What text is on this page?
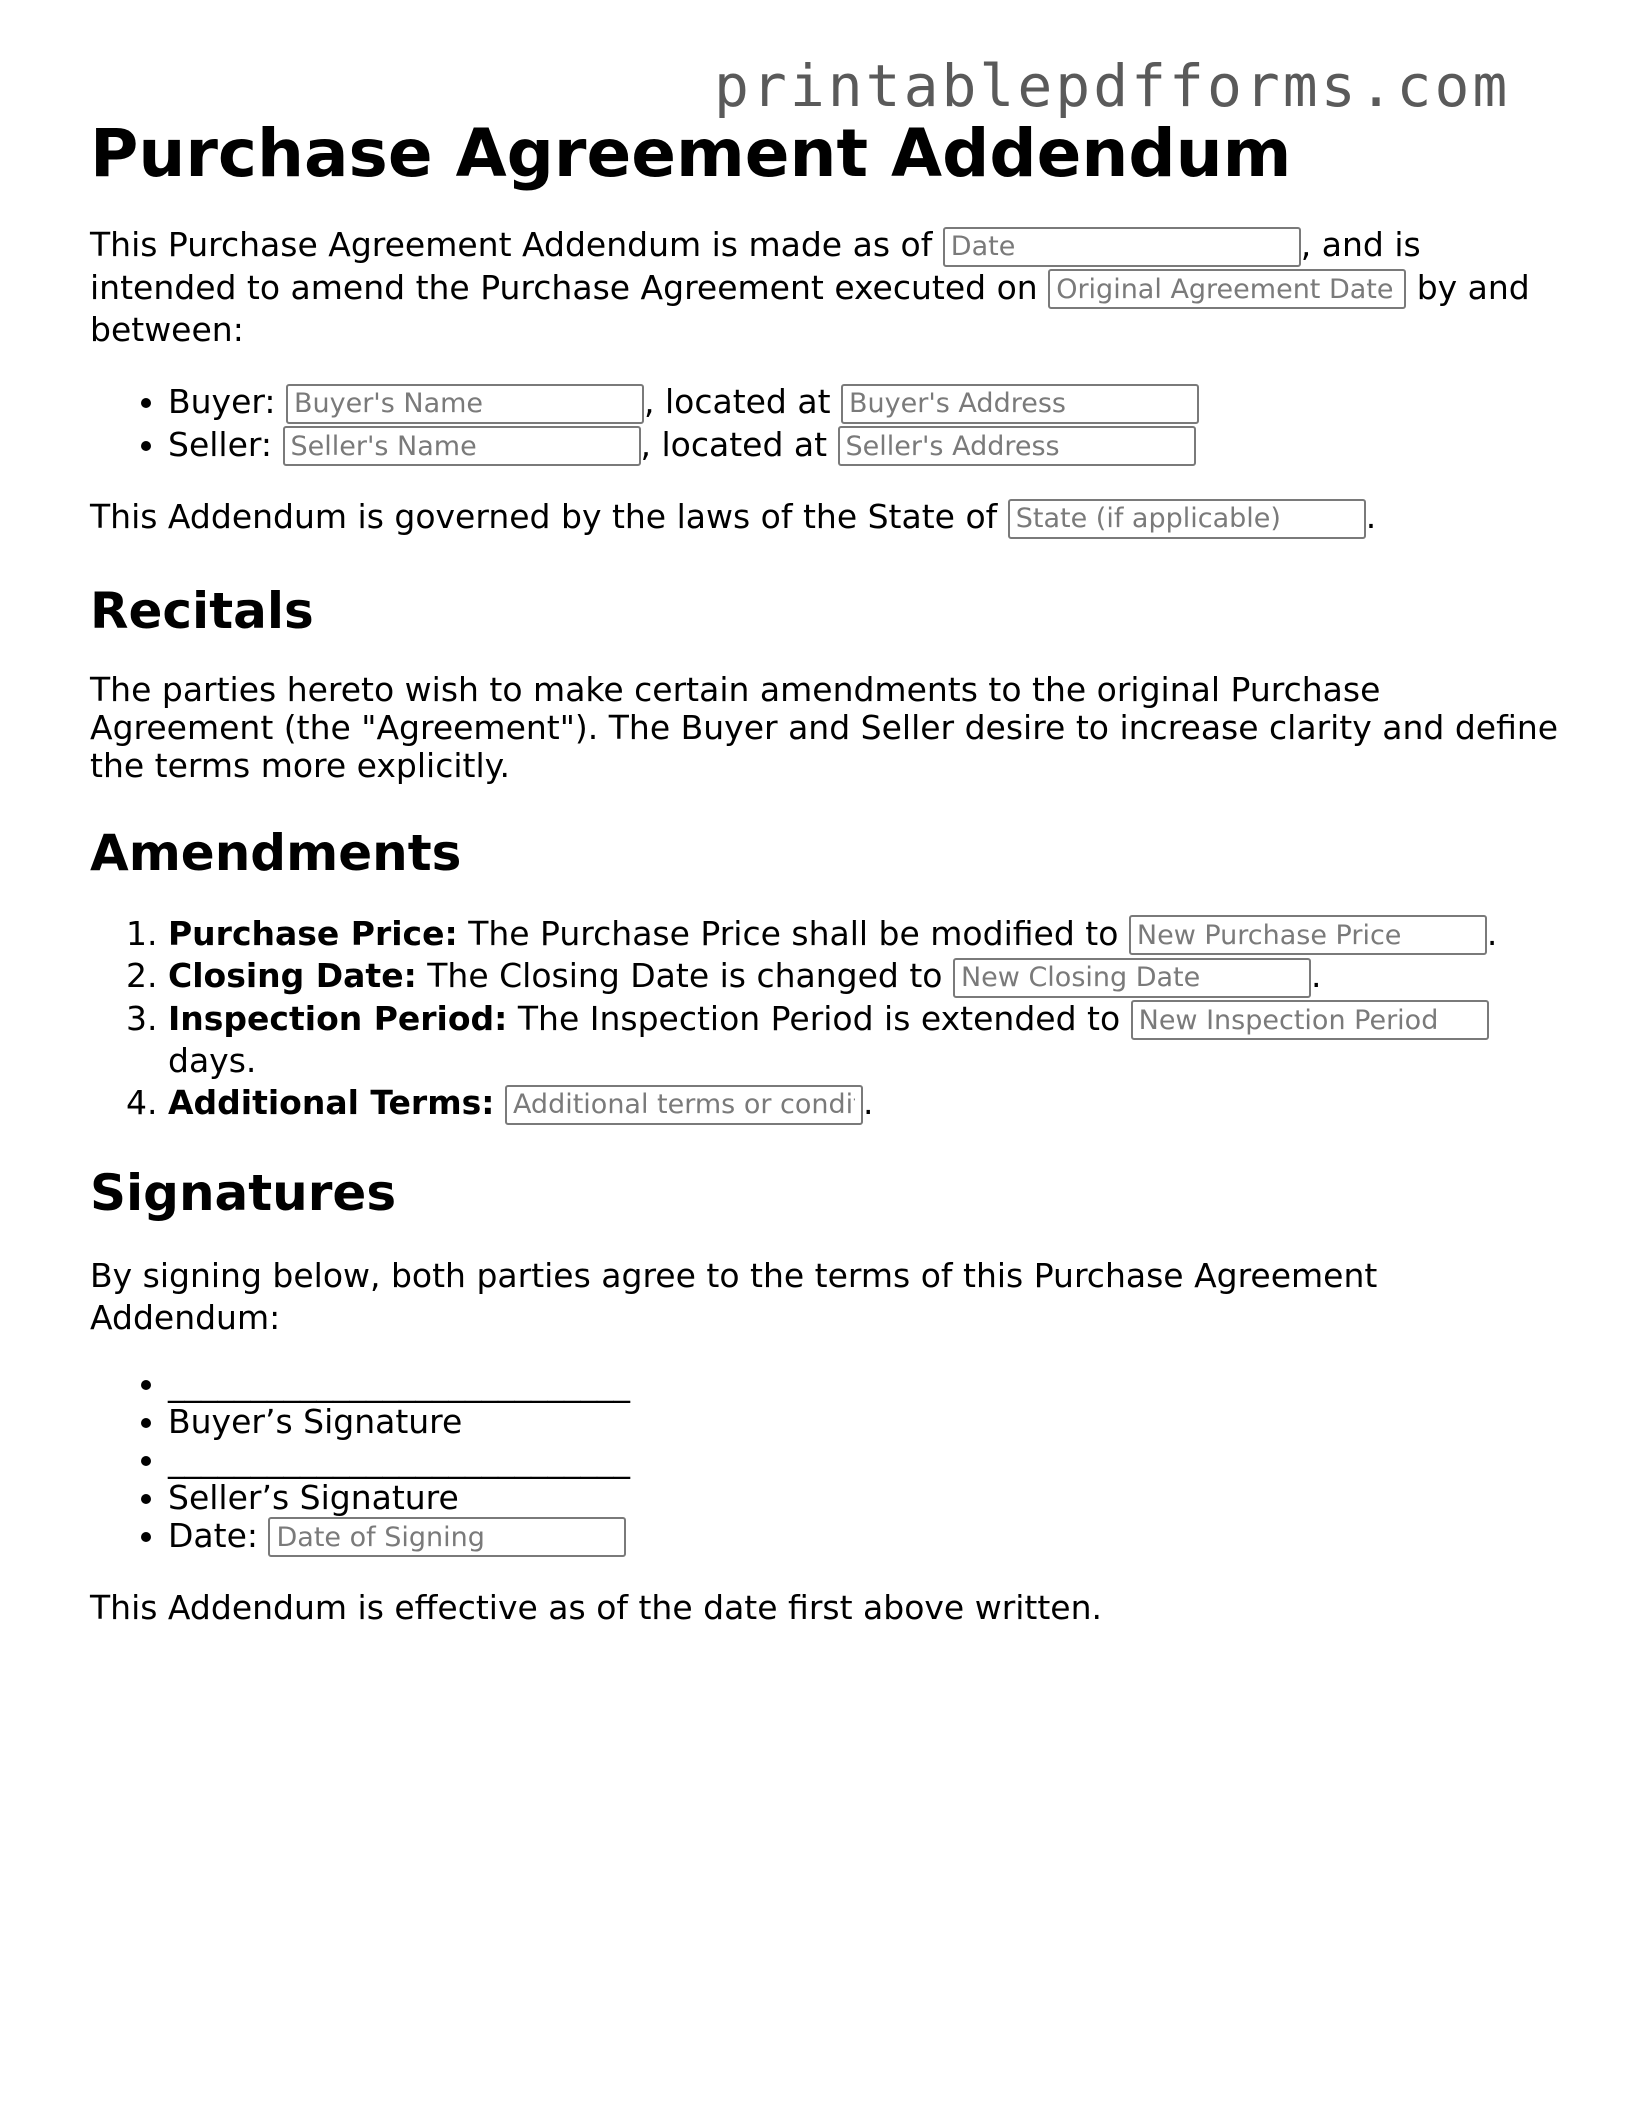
printablepdfforms.com
Purchase Agreement Addendum

This Purchase Agreement Addendum is made as of Date	, and is intended to amend the Purchase Agreement executed on Original Agreement Date	by and between:

• Buyer: Buyer's Name	, located at Buyer's Address
• Seller: Seller's Name	, located at Seller's Address

This Addendum is governed by the laws of the State of State (if applicable)	.

Recitals

The parties hereto wish to make certain amendments to the original Purchase Agreement (the "Agreement"). The Buyer and Seller desire to increase clarity and define the terms more explicitly.

Amendments
1. Purchase Price: The Purchase Price shall be modified to New Purchase Price	.
2. Closing Date: The Closing Date is changed to New Closing Date	.
3. Inspection Period: The Inspection Period is extended to New Inspection Period days.
4. Additional Terms: Additional terms or conditions	.
Signatures

By signing below, both parties agree to the terms of this Purchase Agreement Addendum:

• ____________________________
• Buyer’s Signature
• ____________________________
• Seller’s Signature
• Date: Date of Signing

This Addendum is effective as of the date first above written.
